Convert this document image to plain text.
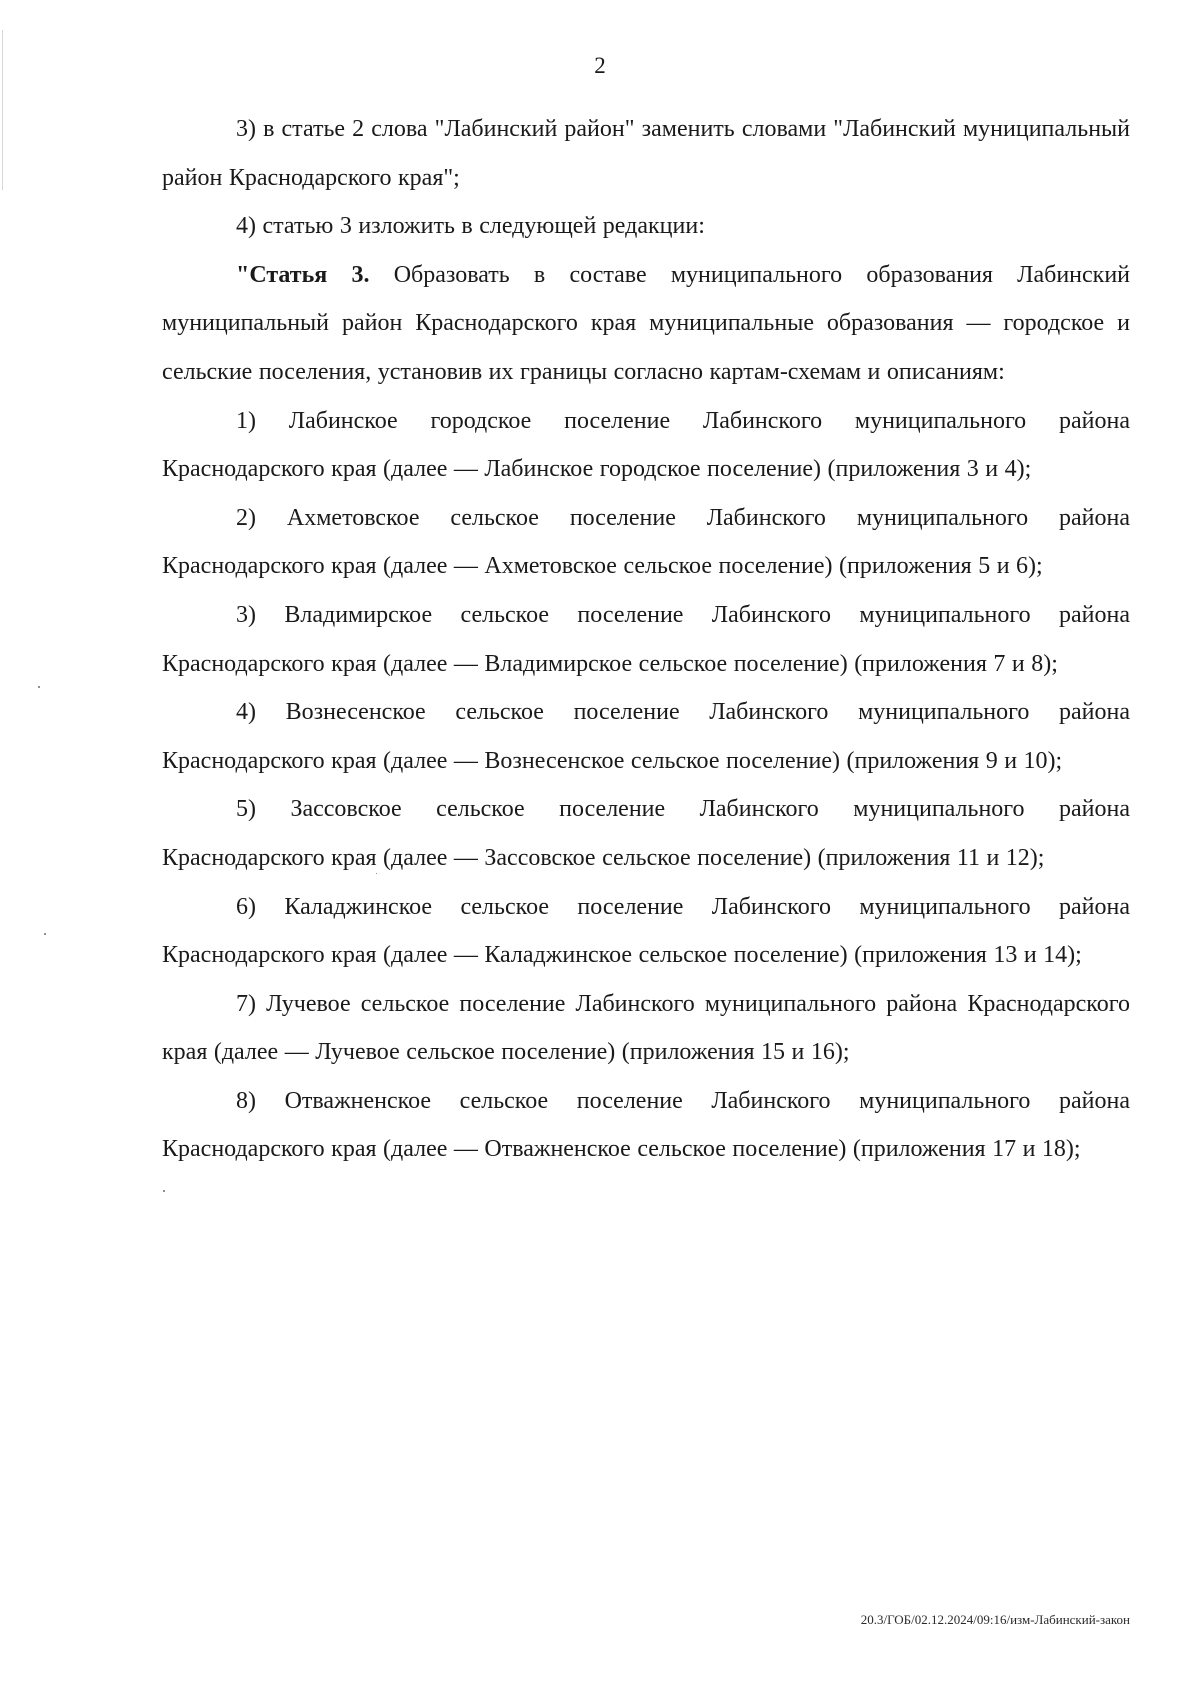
2

3) в статье 2 слова "Лабинский район" заменить словами "Лабинский муниципальный район Краснодарского края";

4) статью 3 изложить в следующей редакции:

"Статья 3. Образовать в составе муниципального образования Лабинский муниципальный район Краснодарского края муниципальные образования — городское и сельские поселения, установив их границы согласно картам-схемам и описаниям:

1) Лабинское городское поселение Лабинского муниципального района Краснодарского края (далее — Лабинское городское поселение) (приложения 3 и 4);

2) Ахметовское сельское поселение Лабинского муниципального района Краснодарского края (далее — Ахметовское сельское поселение) (приложения 5 и 6);

3) Владимирское сельское поселение Лабинского муниципального района Краснодарского края (далее — Владимирское сельское поселение) (приложения 7 и 8);

4) Вознесенское сельское поселение Лабинского муниципального района Краснодарского края (далее — Вознесенское сельское поселение) (приложения 9 и 10);

5) Зассовское сельское поселение Лабинского муниципального района Краснодарского края (далее — Зассовское сельское поселение) (приложения 11 и 12);

6) Каладжинское сельское поселение Лабинского муниципального района Краснодарского края (далее — Каладжинское сельское поселение) (приложения 13 и 14);

7) Лучевое сельское поселение Лабинского муниципального района Краснодарского края (далее — Лучевое сельское поселение) (приложения 15 и 16);

8) Отважненское сельское поселение Лабинского муниципального района Краснодарского края (далее — Отважненское сельское поселение) (приложения 17 и 18);

20.3/ГОБ/02.12.2024/09:16/изм-Лабинский-закон
